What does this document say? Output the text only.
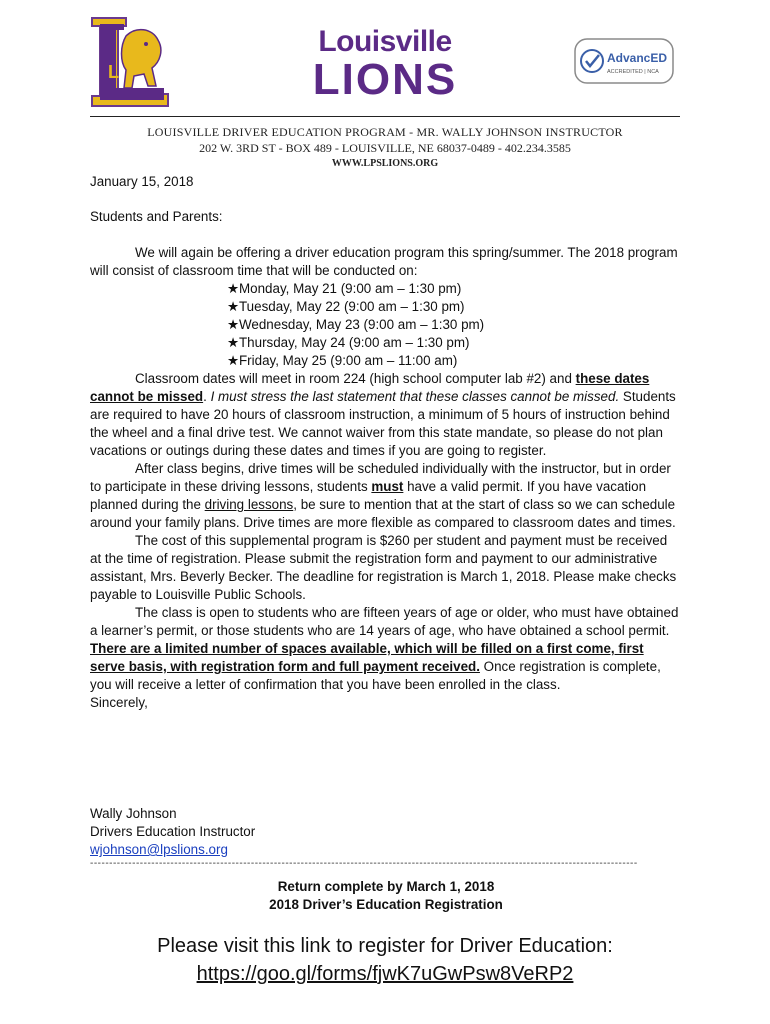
L
Louisville
LIONS	AdvancED
ACCREDITED | NCA
LOUISVILLE DRIVER EDUCATION PROGRAM - MR. WALLY JOHNSON INSTRUCTOR
202 W. 3RD ST - BOX 489 - LOUISVILLE, NE 68037-0489 - 402.234.3585
WWW.LPSLIONS.ORG
January 15, 2018
Students and Parents:

We will again be offering a driver education program this spring/summer. The 2018 program will consist of classroom time that will be conducted on:

★Monday, May 21 (9:00 am – 1:30 pm)
★Tuesday, May 22 (9:00 am – 1:30 pm)
★Wednesday, May 23 (9:00 am – 1:30 pm)
★Thursday, May 24 (9:00 am – 1:30 pm)
★Friday, May 25 (9:00 am – 11:00 am)

Classroom dates will meet in room 224 (high school computer lab #2) and these dates cannot be missed. I must stress the last statement that these classes cannot be missed. Students are required to have 20 hours of classroom instruction, a minimum of 5 hours of instruction behind the wheel and a final drive test. We cannot waiver from this state mandate, so please do not plan vacations or outings during these dates and times if you are going to register.

After class begins, drive times will be scheduled individually with the instructor, but in order to participate in these driving lessons, students must have a valid permit. If you have vacation planned during the driving lessons, be sure to mention that at the start of class so we can schedule around your family plans. Drive times are more flexible as compared to classroom dates and times.

The cost of this supplemental program is $260 per student and payment must be received at the time of registration. Please submit the registration form and payment to our administrative assistant, Mrs. Beverly Becker. The deadline for registration is March 1, 2018. Please make checks payable to Louisville Public Schools.

The class is open to students who are fifteen years of age or older, who must have obtained a learner’s permit, or those students who are 14 years of age, who have obtained a school permit. There are a limited number of spaces available, which will be filled on a first come, first serve basis, with registration form and full payment received. Once registration is complete, you will receive a letter of confirmation that you have been enrolled in the class.

Sincerely,

Wally Johnson
Drivers Education Instructor
wjohnson@lpslions.org
-----------------------------------------------------------------------------------------------------------------------------------------------
Return complete by March 1, 2018
2018 Driver’s Education Registration
Please visit this link to register for Driver Education:
https://goo.gl/forms/fjwK7uGwPsw8VeRP2
